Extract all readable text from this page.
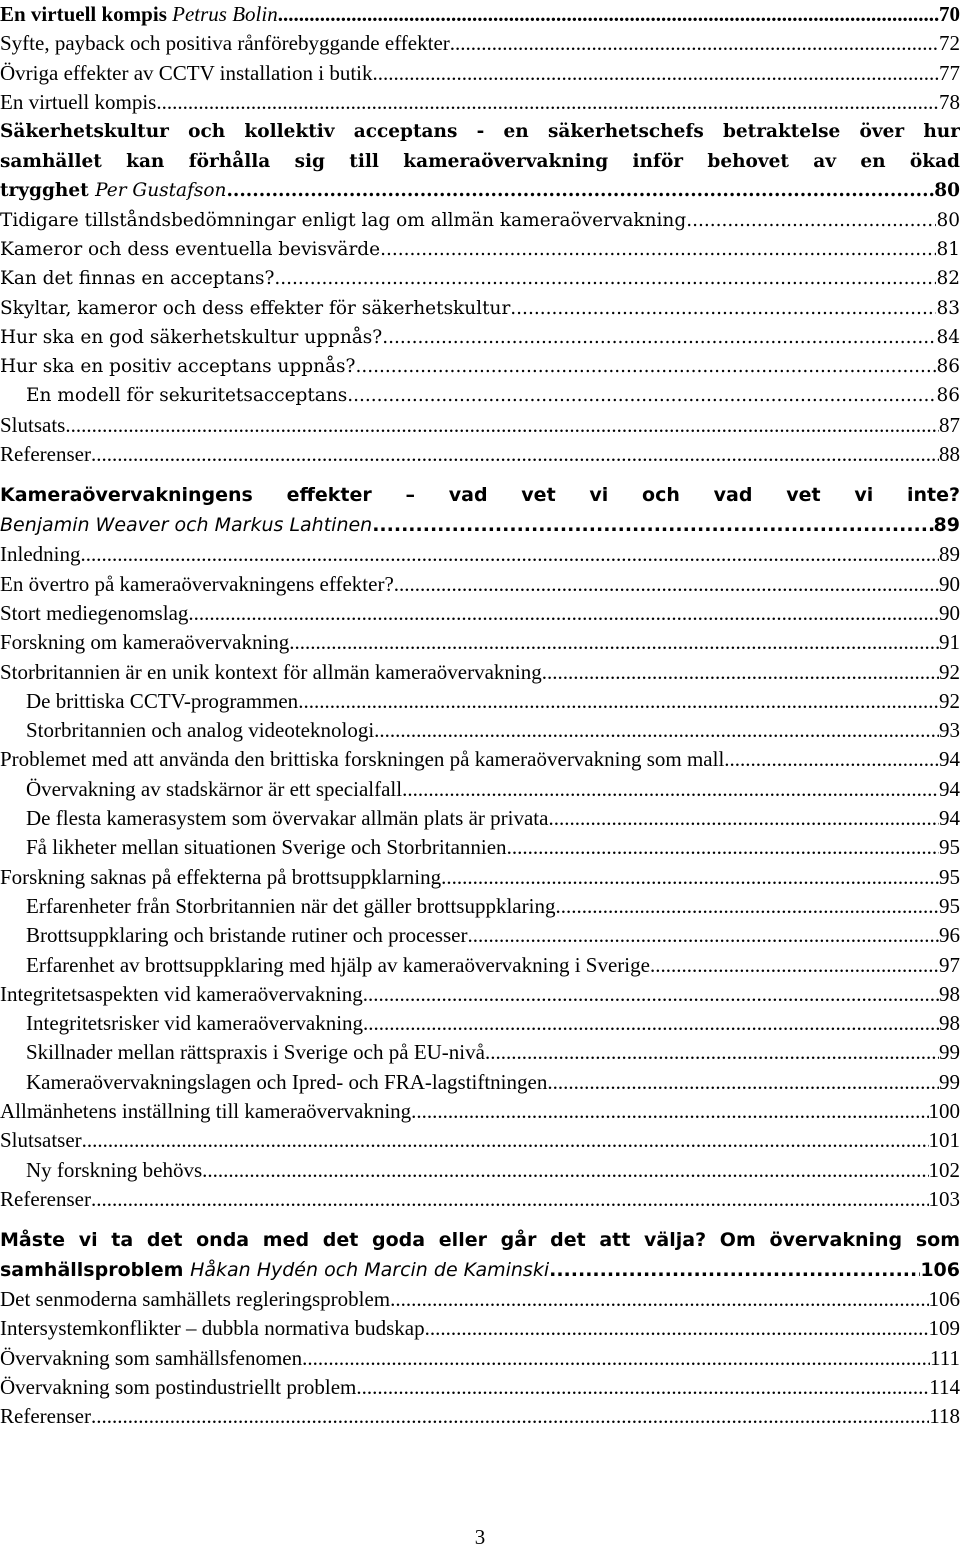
En virtuell kompis
Petrus Bolin .....	70
Syfte, payback och positiva rånförebyggande effekter .....	72
Övriga effekter av CCTV installation i butik .....	77
En virtuell kompis .....	78
Säkerhetskultur och kollektiv acceptans - en säkerhetschefs betraktelse över hur
samhället kan förhålla sig till kameraövervakning inför behovet av en ökad
trygghet
Per Gustafson .....	80
Tidigare tillståndsbedömningar enligt lag om allmän kameraövervakning .....	80
Kameror och dess eventuella bevisvärde .....	81
Kan det finnas en acceptans? .....	82
Skyltar, kameror och dess effekter för säkerhetskultur .....	83
Hur ska en god säkerhetskultur uppnås? .....	84
Hur ska en positiv acceptans uppnås? .....	86
En modell för sekuritetsacceptans .....	86
Slutsats .....	87
Referenser .....	88
Kameraövervakningens effekter – vad vet vi och vad vet vi inte?
Benjamin Weaver och Markus Lahtinen .....	89
Inledning .....	89
En övertro på kameraövervakningens effekter? .....	90
Stort mediegenomslag .....	90
Forskning om kameraövervakning .....	91
Storbritannien är en unik kontext för allmän kameraövervakning .....	92
De brittiska CCTV-programmen .....	92
Storbritannien och analog videoteknologi .....	93
Problemet med att använda den brittiska forskningen på kameraövervakning som mall .....	94
Övervakning av stadskärnor är ett specialfall .....	94
De flesta kamerasystem som övervakar allmän plats är privata .....	94
Få likheter mellan situationen Sverige och Storbritannien .....	95
Forskning saknas på effekterna på brottsuppklarning .....	95
Erfarenheter från Storbritannien när det gäller brottsuppklaring .....	95
Brottsuppklaring och bristande rutiner och processer .....	96
Erfarenhet av brottsuppklaring med hjälp av kameraövervakning i Sverige .....	97
Integritetsaspekten vid kameraövervakning .....	98
Integritetsrisker vid kameraövervakning .....	98
Skillnader mellan rättspraxis i Sverige och på EU-nivå .....	99
Kameraövervakningslagen och Ipred- och FRA-lagstiftningen .....	99
Allmänhetens inställning till kameraövervakning .....	100
Slutsatser .....	101
Ny forskning behövs .....	102
Referenser .....	103
Måste vi ta det onda med det goda eller går det att välja? Om övervakning som
samhällsproblem
Håkan Hydén och Marcin de Kaminski .....	106
Det senmoderna samhällets regleringsproblem .....	106
Intersystemkonflikter – dubbla normativa budskap .....	109
Övervakning som samhällsfenomen .....	111
Övervakning som postindustriellt problem .....	114
Referenser .....	118
3
